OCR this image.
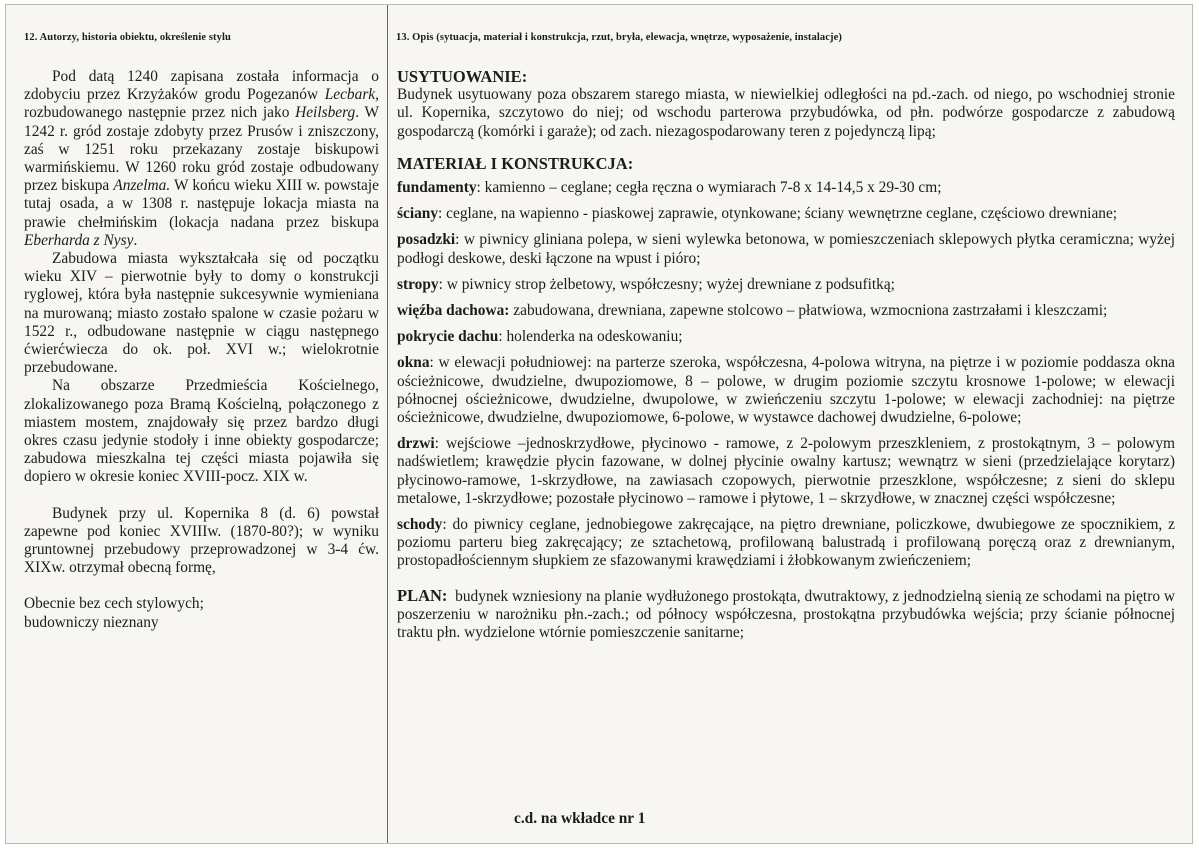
12. Autorzy, historia obiektu, określenie stylu	13. Opis (sytuacja, materiał i konstrukcja, rzut, bryła, elewacja, wnętrze, wyposażenie, instalacje)

Pod datą 1240 zapisana została informacja o zdobyciu przez Krzyżaków grodu Pogezanów Lecbark, rozbudowanego następnie przez nich jako Heilsberg. W 1242 r. gród zostaje zdobyty przez Prusów i zniszczony, zaś w 1251 roku przekazany zostaje biskupowi warmińskiemu. W 1260 roku gród zostaje odbudowany przez biskupa Anzelma. W końcu wieku XIII w. powstaje tutaj osada, a w 1308 r. następuje lokacja miasta na prawie chełmińskim (lokacja nadana przez biskupa Eberharda z Nysy.

Zabudowa miasta wykształcała się od początku wieku XIV – pierwotnie były to domy o konstrukcji ryglowej, która była następnie sukcesywnie wymieniana na murowaną; miasto zostało spalone w czasie pożaru w 1522 r., odbudowane następnie w ciągu następnego ćwierćwiecza do ok. poł. XVI w.; wielokrotnie przebudowane.

Na obszarze Przedmieścia Kościelnego, zlokalizowanego poza Bramą Kościelną, połączonego z miastem mostem, znajdowały się przez bardzo długi okres czasu jedynie stodoły i inne obiekty gospodarcze; zabudowa mieszkalna tej części miasta pojawiła się dopiero w okresie koniec XVIII-pocz. XIX w.

Budynek przy ul. Kopernika 8 (d. 6) powstał zapewne pod koniec XVIIIw. (1870-80?); w wyniku gruntownej przebudowy przeprowadzonej w 3-4 ćw. XIXw. otrzymał obecną formę,

Obecnie bez cech stylowych;
budowniczy nieznany

USYTUOWANIE:

Budynek usytuowany poza obszarem starego miasta, w niewielkiej odległości na pd.-zach. od niego, po wschodniej stronie ul. Kopernika, szczytowo do niej; od wschodu parterowa przybudówka, od płn. podwórze gospodarcze z zabudową gospodarczą (komórki i garaże); od zach. niezagospodarowany teren z pojedynczą lipą;

MATERIAŁ I KONSTRUKCJA:

fundamenty: kamienno – ceglane; cegła ręczna o wymiarach 7-8 x 14-14,5 x 29-30 cm;

ściany: ceglane, na wapienno - piaskowej zaprawie, otynkowane; ściany wewnętrzne ceglane, częściowo drewniane;

posadzki: w piwnicy gliniana polepa, w sieni wylewka betonowa, w pomieszczeniach sklepowych płytka ceramiczna; wyżej podłogi deskowe, deski łączone na wpust i pióro;

stropy: w piwnicy strop żelbetowy, współczesny; wyżej drewniane z podsufitką;

więźba dachowa: zabudowana, drewniana, zapewne stolcowo – płatwiowa, wzmocniona zastrzałami i kleszczami;

pokrycie dachu: holenderka na odeskowaniu;

okna: w elewacji południowej: na parterze szeroka, współczesna, 4-polowa witryna, na piętrze i w poziomie poddasza okna ościeżnicowe, dwudzielne, dwupoziomowe, 8 – polowe, w drugim poziomie szczytu krosnowe 1-polowe; w elewacji północnej ościeżnicowe, dwudzielne, dwupolowe, w zwieńczeniu szczytu 1-polowe; w elewacji zachodniej: na piętrze ościeżnicowe, dwudzielne, dwupoziomowe, 6-polowe, w wystawce dachowej dwudzielne, 6-polowe;

drzwi: wejściowe –jednoskrzydłowe, płycinowo - ramowe, z 2-polowym przeszkleniem, z prostokątnym, 3 – polowym nadświetlem; krawędzie płycin fazowane, w dolnej płycinie owalny kartusz; wewnątrz w sieni (przedzielające korytarz) płycinowo-ramowe, 1-skrzydłowe, na zawiasach czopowych, pierwotnie przeszklone, współczesne; z sieni do sklepu metalowe, 1-skrzydłowe; pozostałe płycinowo – ramowe i płytowe, 1 – skrzydłowe, w znacznej części współczesne;

schody: do piwnicy ceglane, jednobiegowe zakręcające, na piętro drewniane, policzkowe, dwubiegowe ze spocznikiem, z poziomu parteru bieg zakręcający; ze sztachetową, profilowaną balustradą i profilowaną poręczą oraz z drewnianym, prostopadłościennym słupkiem ze sfazowanymi krawędziami i żłobkowanym zwieńczeniem;

PLAN: budynek wzniesiony na planie wydłużonego prostokąta, dwutraktowy, z jednodzielną sienią ze schodami na piętro w poszerzeniu w narożniku płn.-zach.; od północy współczesna, prostokątna przybudówka wejścia; przy ścianie północnej traktu płn. wydzielone wtórnie pomieszczenie sanitarne;

c.d. na wkładce nr 1
